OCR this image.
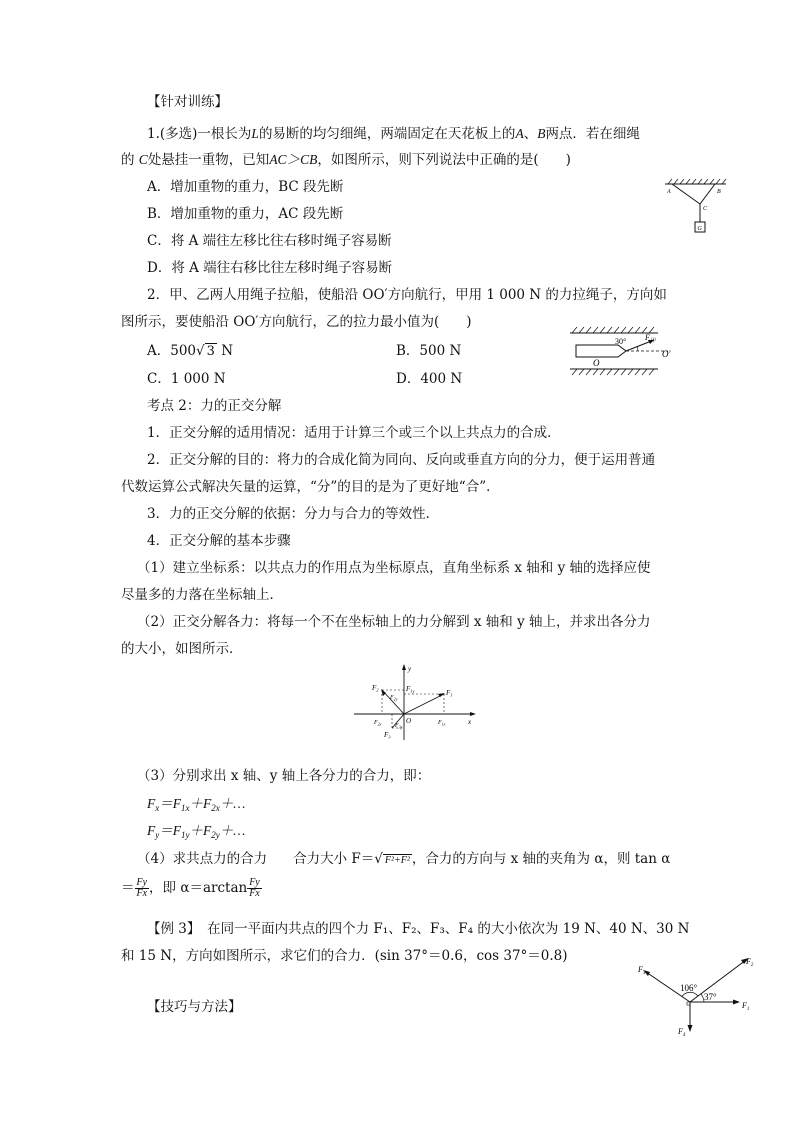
【针对训练】
1.(多选)一根长为L的易断的均匀细绳，两端固定在天花板上的A、B两点．若在细绳
的 C处悬挂一重物，已知AC＞CB，如图所示，则下列说法中正确的是(　　)
A．增加重物的重力，BC 段先断
B．增加重物的重力，AC 段先断
C．将 A 端往左移比往右移时绳子容易断
D．将 A 端往右移比往左移时绳子容易断
A	B
C
G
2．甲、乙两人用绳子拉船，使船沿 OO′方向航行，甲用 1 000 N 的力拉绳子，方向如
图所示，要使船沿 OO′方向航行，乙的拉力最小值为(　　)
A．500√ 3 N	B．500 N
C．1 000 N	D．400 N
30° F 甲
O
O′
考点 2：力的正交分解
1．正交分解的适用情况：适用于计算三个或三个以上共点力的合成．
2．正交分解的目的：将力的合成化简为同向、反向或垂直方向的分力，便于运用普通
代数运算公式解决矢量的运算，“分”的目的是为了更好地“合”．
3．力的正交分解的依据：分力与合力的等效性．
4．正交分解的基本步骤
（1）建立坐标系：以共点力的作用点为坐标原点，直角坐标系 x 轴和 y 轴的选择应使
尽量多的力落在坐标轴上．
（2）正交分解各力：将每一个不在坐标轴上的力分解到 x 轴和 y 轴上，并求出各分力
的大小，如图所示．
y
x
O
$F_1$
$F_2$
$F_3$
$F_{1y}$
$F_{2y}$
$F_{3y}$
$F_{2x}$	$F_{1x}$
（3）分别求出 x 轴、y 轴上各分力的合力，即：
$F_x=F_{1x}+F_{2x}+\dots$
$F_y=F_{1y}+F_{2y}+\dots$
（4）求共点力的合力 合力大小 F＝√ F²+F² ，合力的方向与 x 轴的夹角为 α，则 tan α
＝ $\frac{Fy}{Fx}$ ，即 $\alpha=\arctan \frac{Fy}{Fx}$
【例 3】　在同一平面内共点的四个力 F₁、F₂、F₃、F₄ 的大小依次为 19 N、40 N、30 N
和 15 N，方向如图所示，求它们的合力．(sin 37°＝0.6，cos 37°＝0.8)
106°
37°
$F_1$
$F_2$
$F_3$
$F_4$
【技巧与方法】
